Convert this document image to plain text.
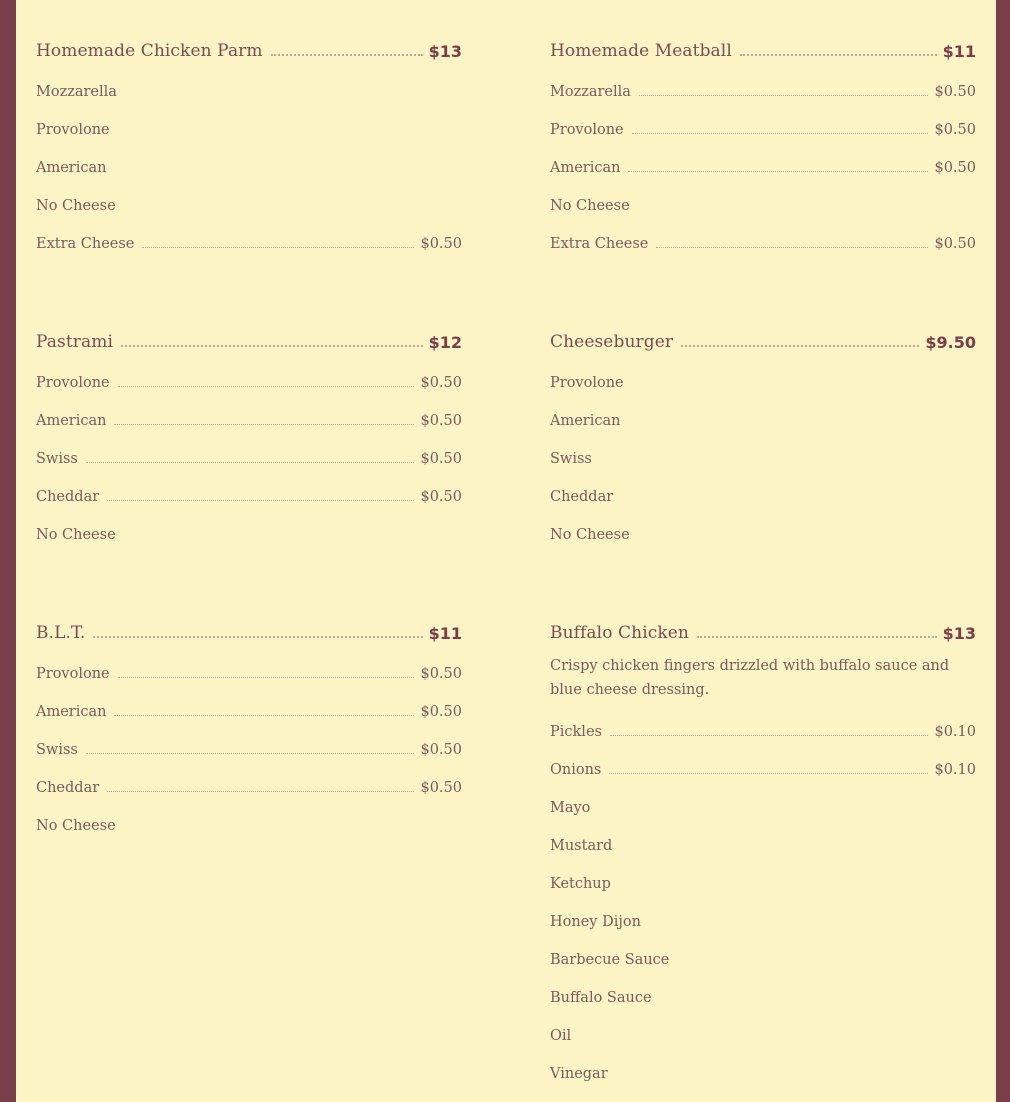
Homemade Chicken Parm	$13
Mozzarella
Provolone
American
No Cheese
Extra Cheese	$0.50
Homemade Meatball	$11
Mozzarella	$0.50
Provolone	$0.50
American	$0.50
No Cheese
Extra Cheese	$0.50
Pastrami	$12
Provolone	$0.50
American	$0.50
Swiss	$0.50
Cheddar	$0.50
No Cheese
Cheeseburger	$9.50
Provolone
American
Swiss
Cheddar
No Cheese
B.L.T.	$11
Provolone	$0.50
American	$0.50
Swiss	$0.50
Cheddar	$0.50
No Cheese
Buffalo Chicken	$13
Crispy chicken fingers drizzled with buffalo sauce and blue cheese dressing.
Pickles	$0.10
Onions	$0.10
Mayo
Mustard
Ketchup
Honey Dijon
Barbecue Sauce
Buffalo Sauce
Oil
Vinegar
